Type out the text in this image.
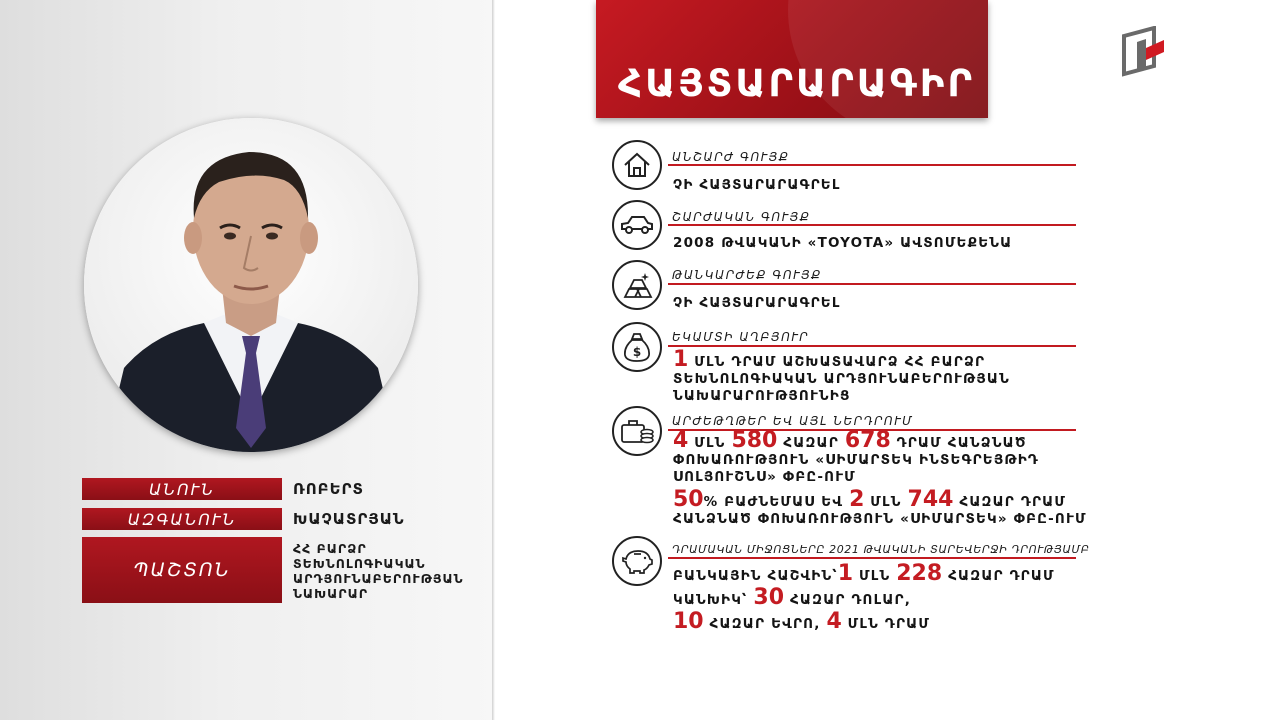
ԱՆՈՒՆ	ՌՈԲԵՐՏ
ԱԶԳԱՆՈՒՆ	ԽԱՉԱՏՐՅԱՆ
ՊԱՇՏՈՆ
ՀՀ ԲԱՐՁՐ
ՏԵԽՆՈԼՈԳԻԱԿԱՆ
ԱՐԴՅՈՒՆԱԲԵՐՈՒԹՅԱՆ
ՆԱԽԱՐԱՐ
ՀԱՅՏԱՐԱՐԱԳԻՐ
ԱՆՇԱՐԺ ԳՈՒՅՔ
ՉԻ ՀԱՅՏԱՐԱՐԱԳՐԵԼ
ՇԱՐԺԱԿԱՆ ԳՈՒՅՔ
2008 ԹՎԱԿԱՆԻ «TOYOTA» ԱՎՏՈՄԵՔԵՆԱ
ԹԱՆԿԱՐԺԵՔ ԳՈՒՅՔ
ՉԻ ՀԱՅՏԱՐԱՐԱԳՐԵԼ
$
ԵԿԱՄՏԻ ԱՂԲՅՈՒՐ
1 ՄԼՆ ԴՐԱՄ ԱՇԽԱՏԱՎԱՐՁ ՀՀ ԲԱՐՁՐ
ՏԵԽՆՈԼՈԳԻԱԿԱՆ ԱՐԴՅՈՒՆԱԲԵՐՈՒԹՅԱՆ
ՆԱԽԱՐԱՐՈՒԹՅՈՒՆԻՑ
ԱՐԺԵԹՂԹԵՐ ԵՎ ԱՅԼ ՆԵՐԴՐՈՒՄ
4 ՄԼՆ 580 ՀԱԶԱՐ 678 ԴՐԱՄ ՀԱՆՁՆԱԾ
ՓՈԽԱՌՈՒԹՅՈՒՆ «ՍԻՄԱՐՏԵԿ ԻՆՏԵԳՐԵՅԹԻԴ
ՍՈԼՅՈՒՇՆՍ» ՓԲԸ-ՈՒՄ
50% ԲԱԺՆԵՄԱՍ ԵՎ 2 ՄԼՆ 744 ՀԱԶԱՐ ԴՐԱՄ
ՀԱՆՁՆԱԾ ՓՈԽԱՌՈՒԹՅՈՒՆ «ՍԻՄԱՐՏԵԿ» ՓԲԸ-ՈՒՄ
ԴՐԱՄԱԿԱՆ ՄԻՋՈՑՆԵՐԸ 2021 ԹՎԱԿԱՆԻ ՏԱՐԵՎԵՐՋԻ ԴՐՈՒԹՅԱՄԲ
ԲԱՆԿԱՅԻՆ ՀԱՇՎԻՆ՝1 ՄԼՆ 228 ՀԱԶԱՐ ԴՐԱՄ
ԿԱՆԽԻԿ՝ 30 ՀԱԶԱՐ ԴՈԼԱՐ,
10 ՀԱԶԱՐ ԵՎՐՈ, 4 ՄԼՆ ԴՐԱՄ
